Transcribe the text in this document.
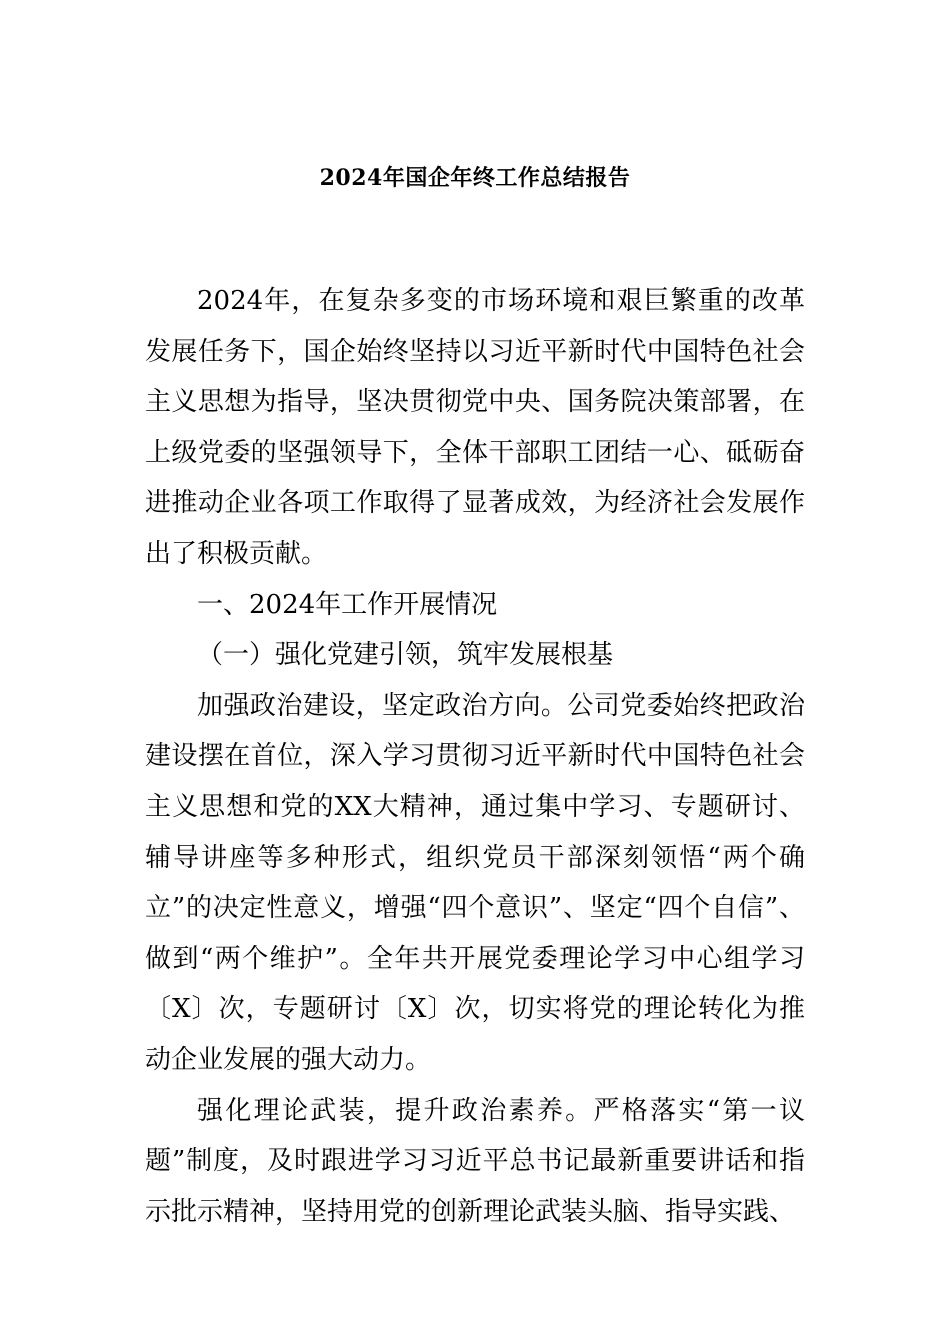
2024年国企年终工作总结报告

2024年，在复杂多变的市场环境和艰巨繁重的改革发展任务下，国企始终坚持以习近平新时代中国特色社会主义思想为指导，坚决贯彻党中央、国务院决策部署，在上级党委的坚强领导下，全体干部职工团结一心、砥砺奋进推动企业各项工作取得了显著成效，为经济社会发展作出了积极贡献。

一、2024年工作开展情况

（一）强化党建引领，筑牢发展根基

加强政治建设，坚定政治方向。公司党委始终把政治建设摆在首位，深入学习贯彻习近平新时代中国特色社会主义思想和党的XX大精神，通过集中学习、专题研讨、辅导讲座等多种形式，组织党员干部深刻领悟“两个确立”的决定性意义，增强“四个意识”、坚定“四个自信”、做到“两个维护”。全年共开展党委理论学习中心组学习〔X〕次，专题研讨〔X〕次，切实将党的理论转化为推动企业发展的强大动力。

强化理论武装，提升政治素养。严格落实“第一议题”制度，及时跟进学习习近平总书记最新重要讲话和指示批示精神，坚持用党的创新理论武装头脑、指导实践、
